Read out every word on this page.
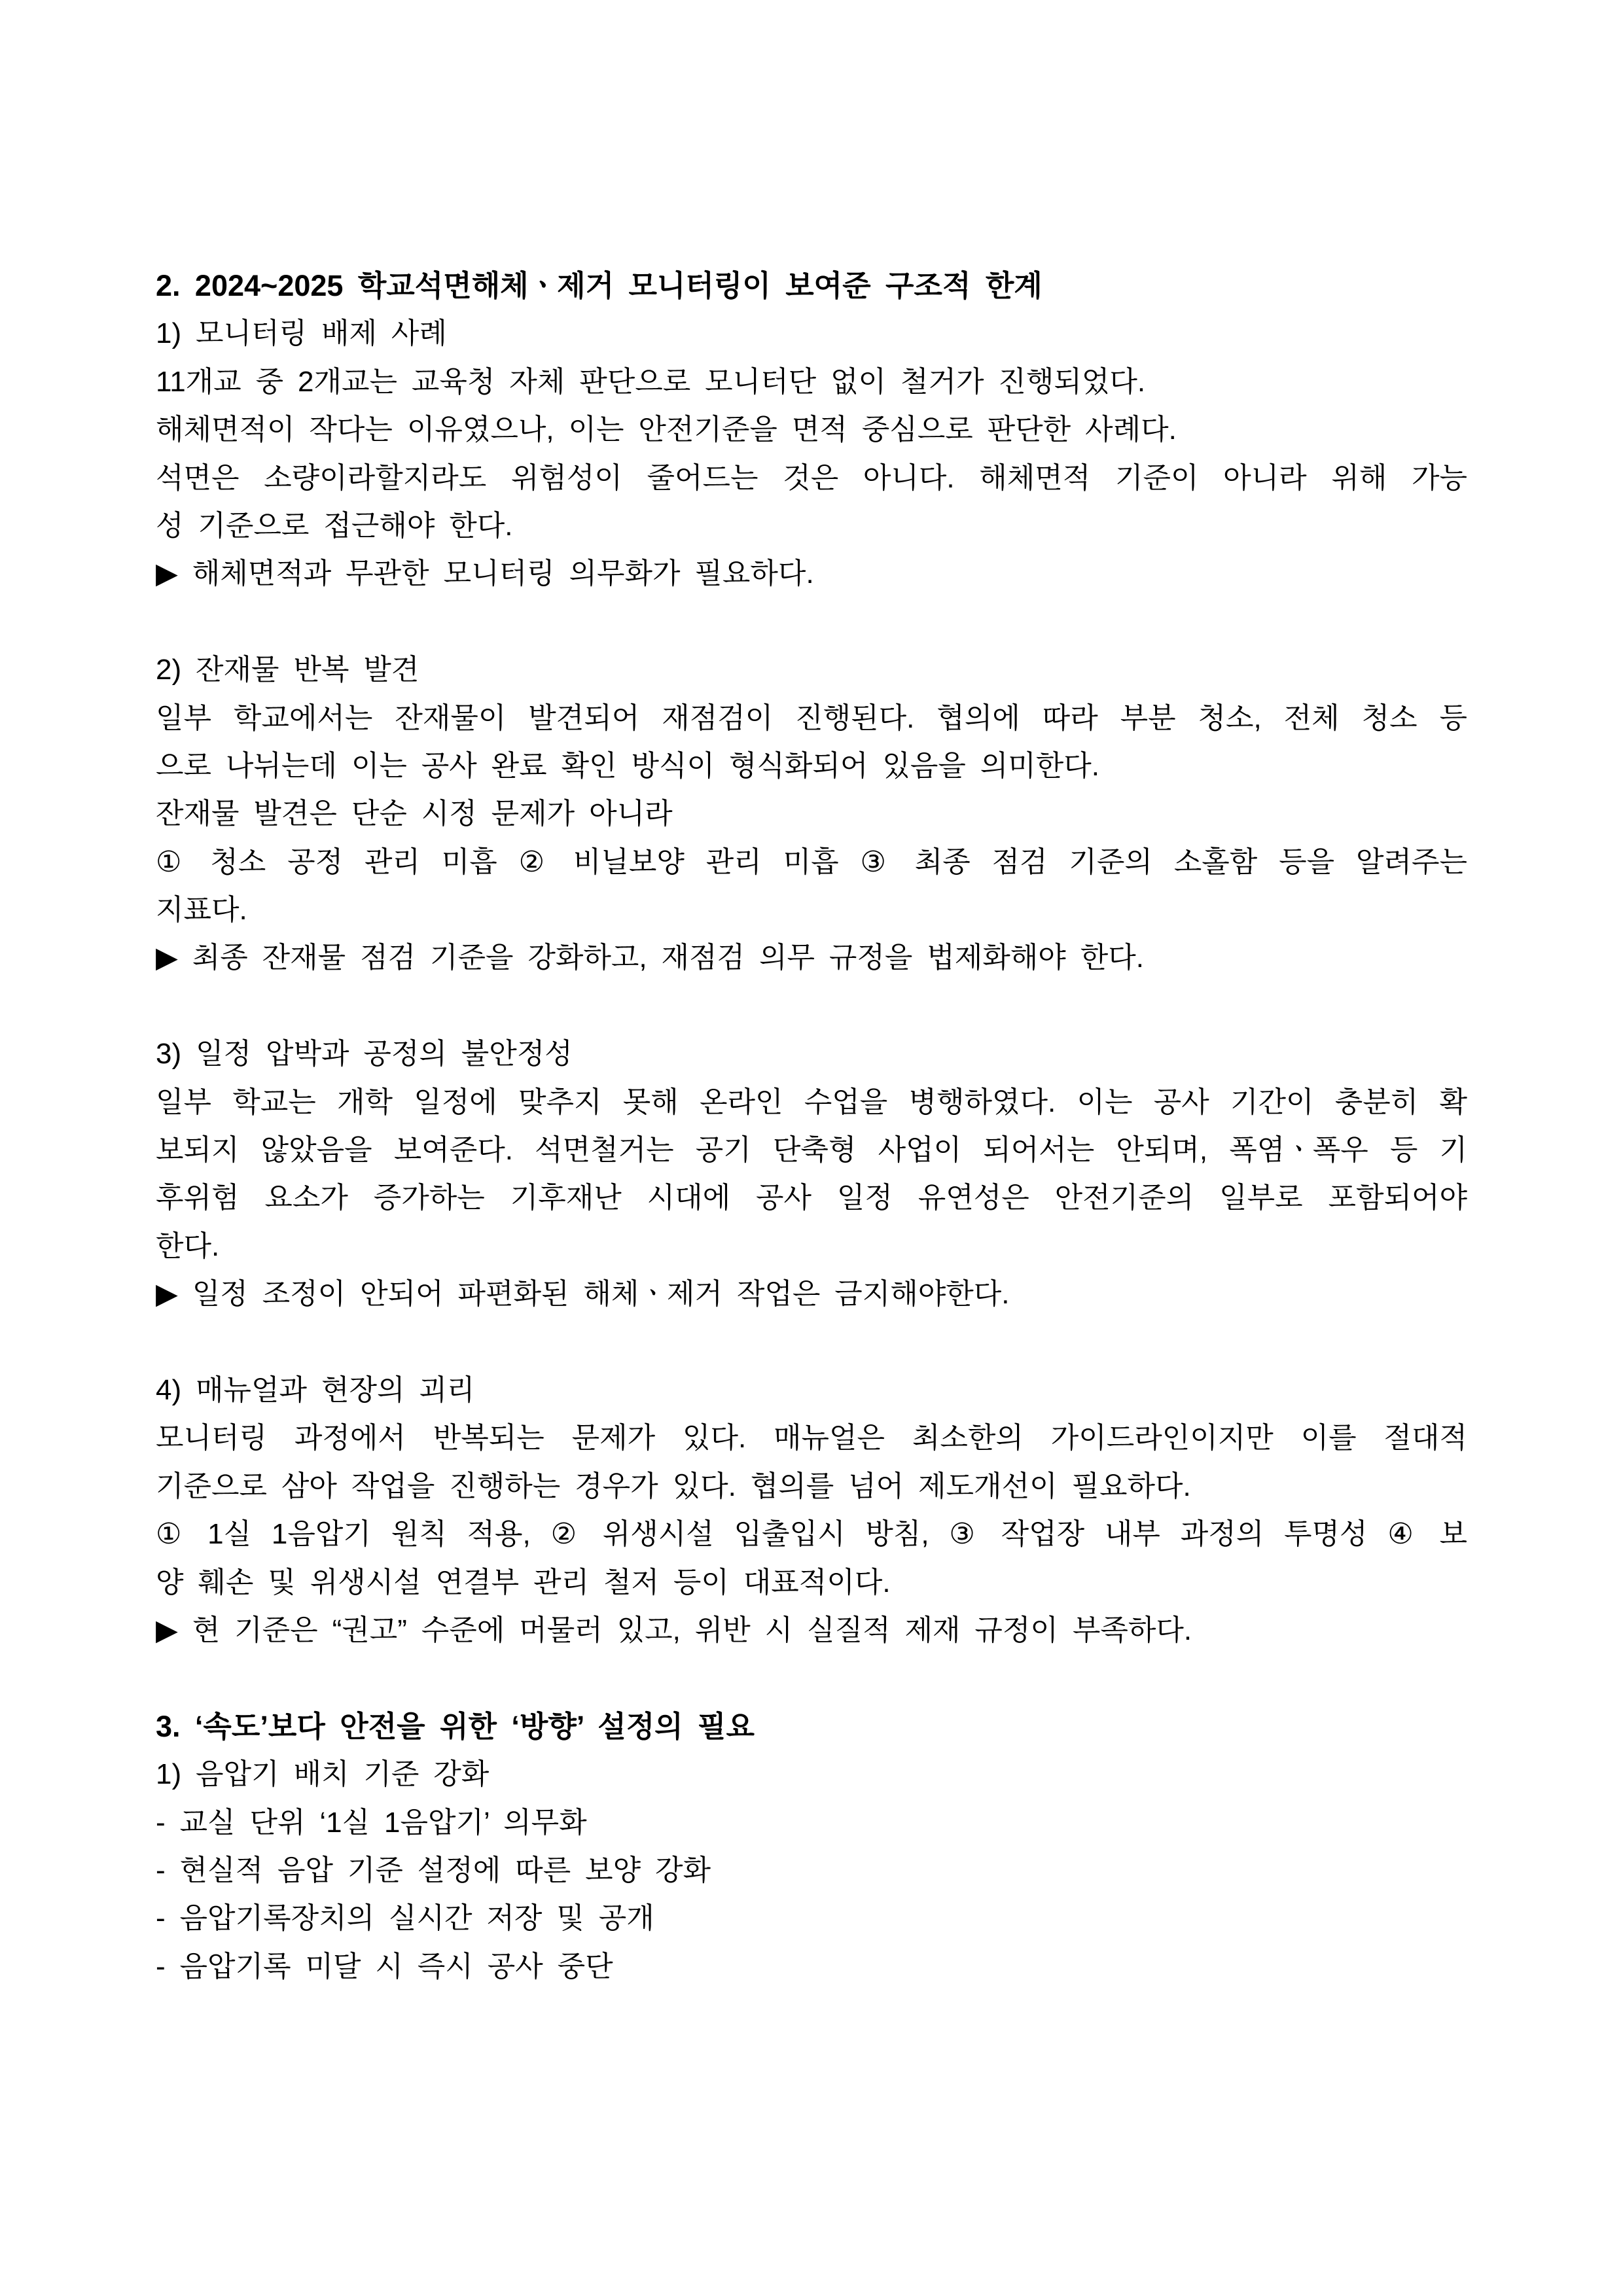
2. 2024~2025 학교석면해체ㆍ제거 모니터링이 보여준 구조적 한계
1) 모니터링 배제 사례
11개교 중 2개교는 교육청 자체 판단으로 모니터단 없이 철거가 진행되었다.
해체면적이 작다는 이유였으나, 이는 안전기준을 면적 중심으로 판단한 사례다.
석면은 소량이라할지라도 위험성이 줄어드는 것은 아니다. 해체면적 기준이 아니라 위해 가능
성 기준으로 접근해야 한다.
▶ 해체면적과 무관한 모니터링 의무화가 필요하다.
2) 잔재물 반복 발견
일부 학교에서는 잔재물이 발견되어 재점검이 진행된다. 협의에 따라 부분 청소, 전체 청소 등
으로 나뉘는데 이는 공사 완료 확인 방식이 형식화되어 있음을 의미한다.
잔재물 발견은 단순 시정 문제가 아니라
① 청소 공정 관리 미흡 ② 비닐보양 관리 미흡 ③ 최종 점검 기준의 소홀함 등을 알려주는
지표다.
▶ 최종 잔재물 점검 기준을 강화하고, 재점검 의무 규정을 법제화해야 한다.
3) 일정 압박과 공정의 불안정성
일부 학교는 개학 일정에 맞추지 못해 온라인 수업을 병행하였다. 이는 공사 기간이 충분히 확
보되지 않았음을 보여준다. 석면철거는 공기 단축형 사업이 되어서는 안되며, 폭염ㆍ폭우 등 기
후위험 요소가 증가하는 기후재난 시대에 공사 일정 유연성은 안전기준의 일부로 포함되어야
한다.
▶ 일정 조정이 안되어 파편화된 해체ㆍ제거 작업은 금지해야한다.
4) 매뉴얼과 현장의 괴리
모니터링 과정에서 반복되는 문제가 있다. 매뉴얼은 최소한의 가이드라인이지만 이를 절대적
기준으로 삼아 작업을 진행하는 경우가 있다. 협의를 넘어 제도개선이 필요하다.
① 1실 1음압기 원칙 적용, ② 위생시설 입출입시 방침, ③ 작업장 내부 과정의 투명성 ④ 보
양 훼손 및 위생시설 연결부 관리 철저 등이 대표적이다.
▶ 현 기준은 “권고” 수준에 머물러 있고, 위반 시 실질적 제재 규정이 부족하다.
3. ‘속도’보다 안전을 위한 ‘방향’ 설정의 필요
1) 음압기 배치 기준 강화
- 교실 단위 ‘1실 1음압기’ 의무화
- 현실적 음압 기준 설정에 따른 보양 강화
- 음압기록장치의 실시간 저장 및 공개
- 음압기록 미달 시 즉시 공사 중단
